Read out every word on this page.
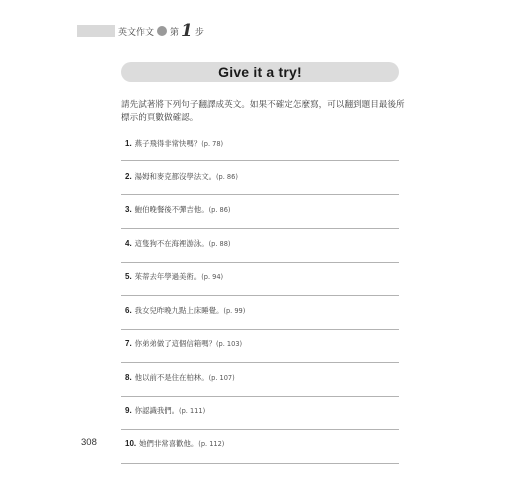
英文作文 第 1 步
Give it a try!
請先試著將下列句子翻譯成英文。如果不確定怎麼寫，可以翻到題目最後所標示的頁數做確認。
1. 燕子飛得非常快嗎？(p. 78)
2. 湯姆和麥克都沒學法文。(p. 86)
3. 鮑伯晚餐後不彈吉他。(p. 86)
4. 這隻狗不在海裡游泳。(p. 88)
5. 茱蒂去年學過美術。(p. 94)
6. 我女兒昨晚九點上床睡覺。(p. 99)
7. 你弟弟做了這個信箱嗎？(p. 103)
8. 他以前不是住在柏林。(p. 107)
9. 你認識我們。(p. 111)
10. 她們非常喜歡他。(p. 112)
308
